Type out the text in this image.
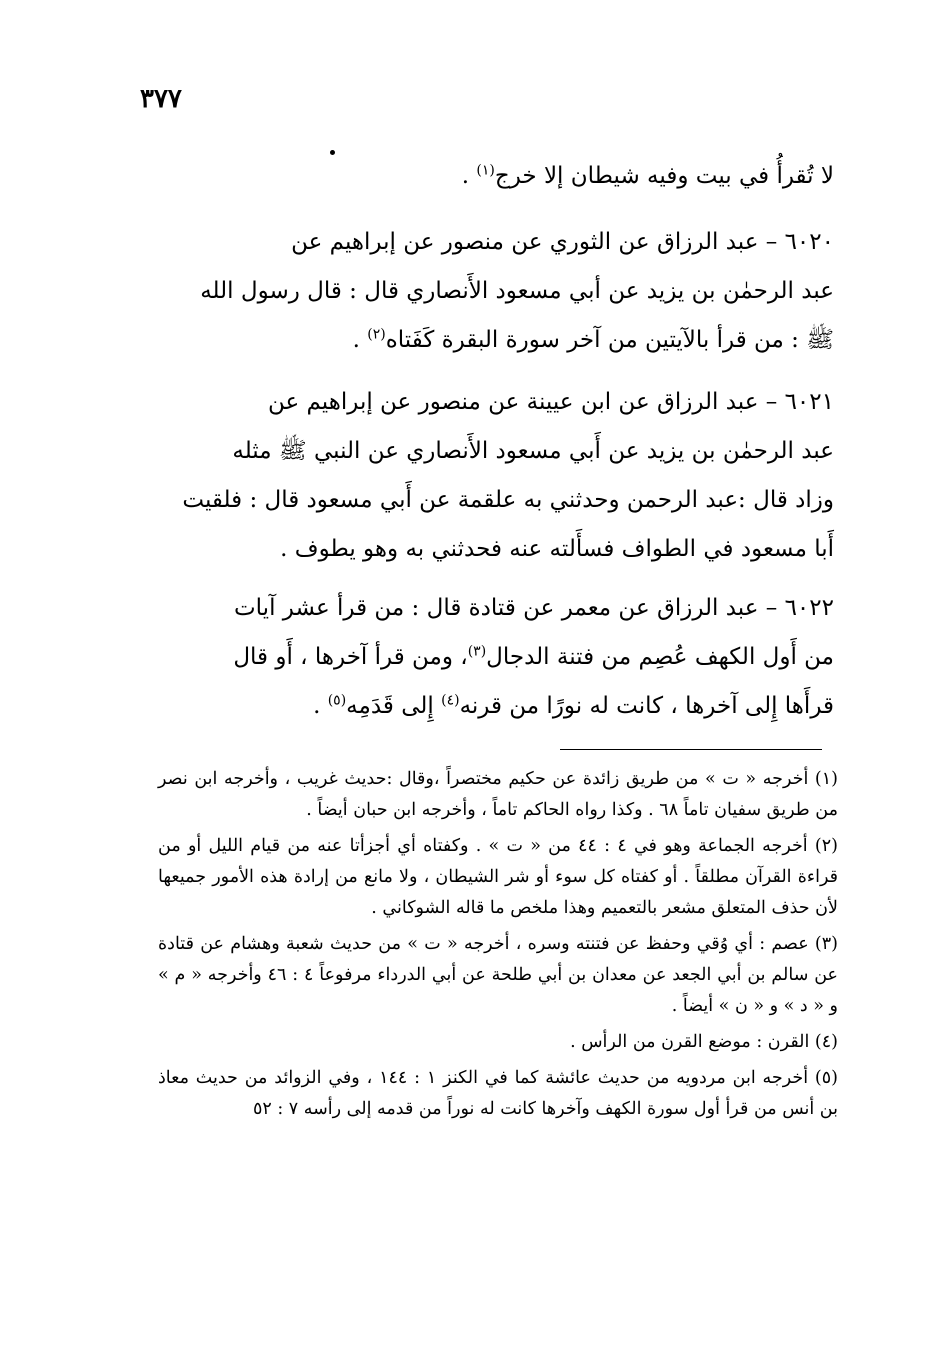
٣٧٧

لا تُقرأُ في بيت وفيه شيطان إلا خرج$^{(١)}$ .

٦٠٢٠ – عبد الرزاق عن الثوري عن منصور عن إبراهيم عن

عبد الرحمٰن بن يزيد عن أبي مسعود الأَنصاري قال : قال رسول الله

ﷺ : من قرأ بالآيتين من آخر سورة البقرة كَفَتاه$^{(٢)}$ .

٦٠٢١ – عبد الرزاق عن ابن عيينة عن منصور عن إبراهيم عن

عبد الرحمٰن بن يزيد عن أَبي مسعود الأَنصاري عن النبي ﷺ مثله

وزاد قال :عبد الرحمن وحدثني به علقمة عن أَبي مسعود قال : فلقيت

أَبا مسعود في الطواف فسأَلته عنه فحدثني به وهو يطوف .

٦٠٢٢ – عبد الرزاق عن معمر عن قتادة قال : من قرأ عشر آيات

من أَول الكهف عُصِم من فتنة الدجال$^{(٣)}$، ومن قرأ آخرها ، أَو قال

قرأَها إِلى آخرها ، كانت له نورًا من قرنه$^{(٤)}$ إِلى قَدَمِه$^{(٥)}$ .

(١) أخرجه « ت » من طريق زائدة عن حكيم مختصراً ،وقال :حديث غريب ، وأخرجه ابن نصر من طريق سفيان تاماً ٦٨ . وكذا رواه الحاكم تاماً ، وأخرجه ابن حبان أيضاً .

(٢) أخرجه الجماعة وهو في ٤ : ٤٤ من « ت » . وكفتاه أي أجزأتا عنه من قيام الليل أو من قراءة القرآن مطلقاً . أو كفتاه كل سوء أو شر الشيطان ، ولا مانع من إرادة هذه الأمور جميعها لأن حذف المتعلق مشعر بالتعميم وهذا ملخص ما قاله الشوكاني .

(٣) عصم : أي وُقي وحفظ عن فتنته وسره ، أخرجه « ت » من حديث شعبة وهشام عن قتادة عن سالم بن أبي الجعد عن معدان بن أبي طلحة عن أبي الدرداء مرفوعاً ٤ : ٤٦ وأخرجه « م » و « د » و « ن » أيضاً .

(٤) القرن : موضع القرن من الرأس .

(٥) أخرجه ابن مردويه من حديث عائشة كما في الكنز ١ : ١٤٤ ، وفي الزوائد من حديث معاذ بن أنس من قرأ أول سورة الكهف وآخرها كانت له نوراً من قدمه إلى رأسه ٧ : ٥٢
